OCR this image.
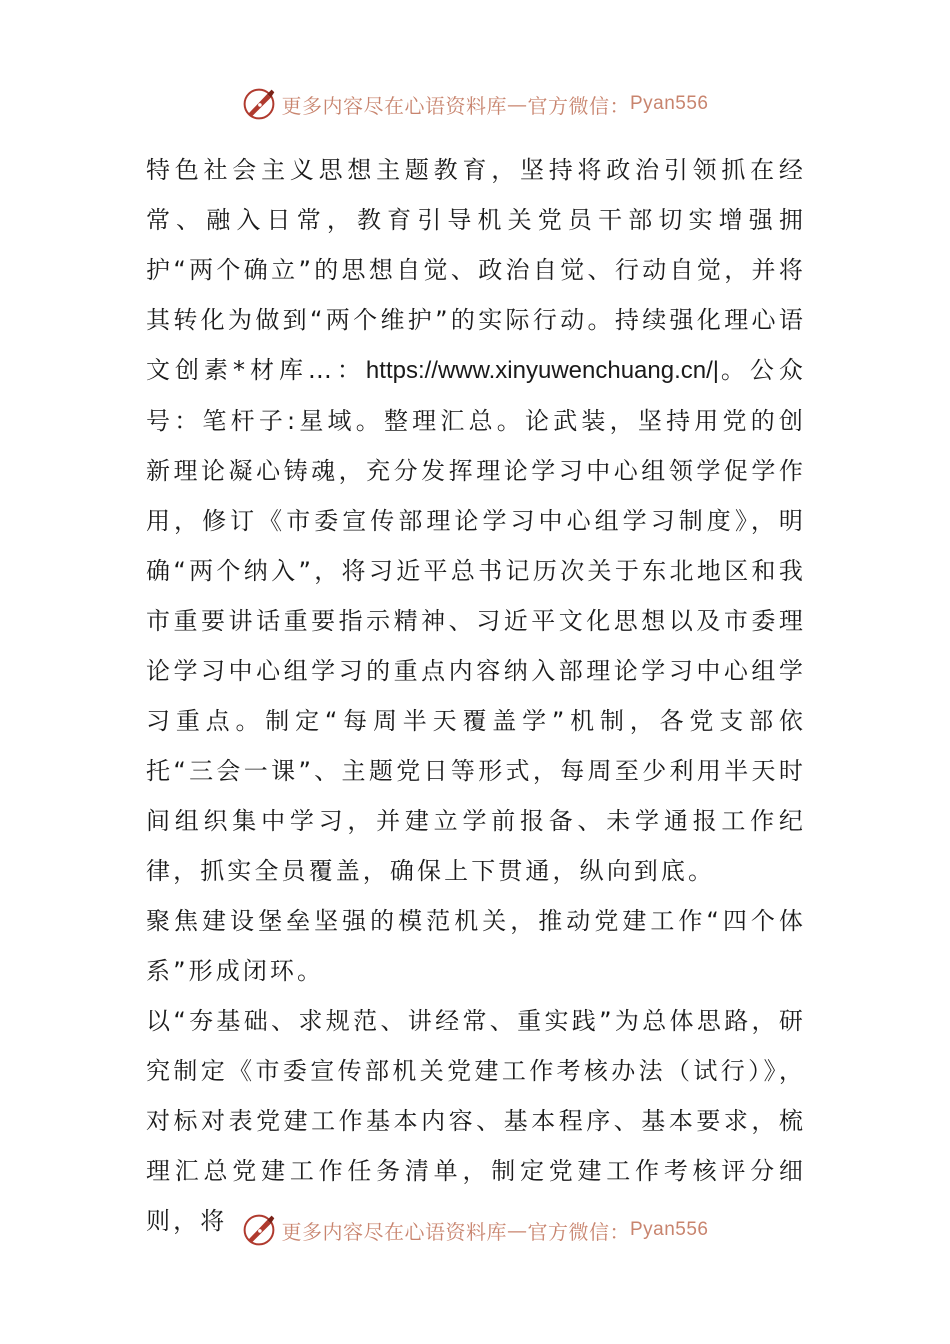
更多内容尽在心语资料库 — 官方微信： Pyan556

特色社会主义思想主题教育，坚持将政治引领抓在经常、融入日常，教育引导机关党员干部切实增强拥护“两个确立”的思想自觉、政治自觉、行动自觉，并将其转化为做到“两个维护”的实际行动。持续强化理心语文创素*材库…：https://www.xinyuwenchuang.cn/|。公众号：笔杆子:星域。整理汇总。论武装，坚持用党的创新理论凝心铸魂，充分发挥理论学习中心组领学促学作用，修订《市委宣传部理论学习中心组学习制度》，明确“两个纳入”，将习近平总书记历次关于东北地区和我市重要讲话重要指示精神、习近平文化思想以及市委理论学习中心组学习的重点内容纳入部理论学习中心组学习重点。制定“每周半天覆盖学”机制，各党支部依托“三会一课”、主题党日等形式，每周至少利用半天时间组织集中学习，并建立学前报备、未学通报工作纪律，抓实全员覆盖，确保上下贯通，纵向到底。

聚焦建设堡垒坚强的模范机关，推动党建工作“四个体系”形成闭环。

以“夯基础、求规范、讲经常、重实践”为总体思路，研究制定《市委宣传部机关党建工作考核办法（试行）》，对标对表党建工作基本内容、基本程序、基本要求，梳理汇总党建工作任务清单，制定党建工作考核评分细则，将	更多内容尽在心语资料库 — 官方微信： Pyan556
